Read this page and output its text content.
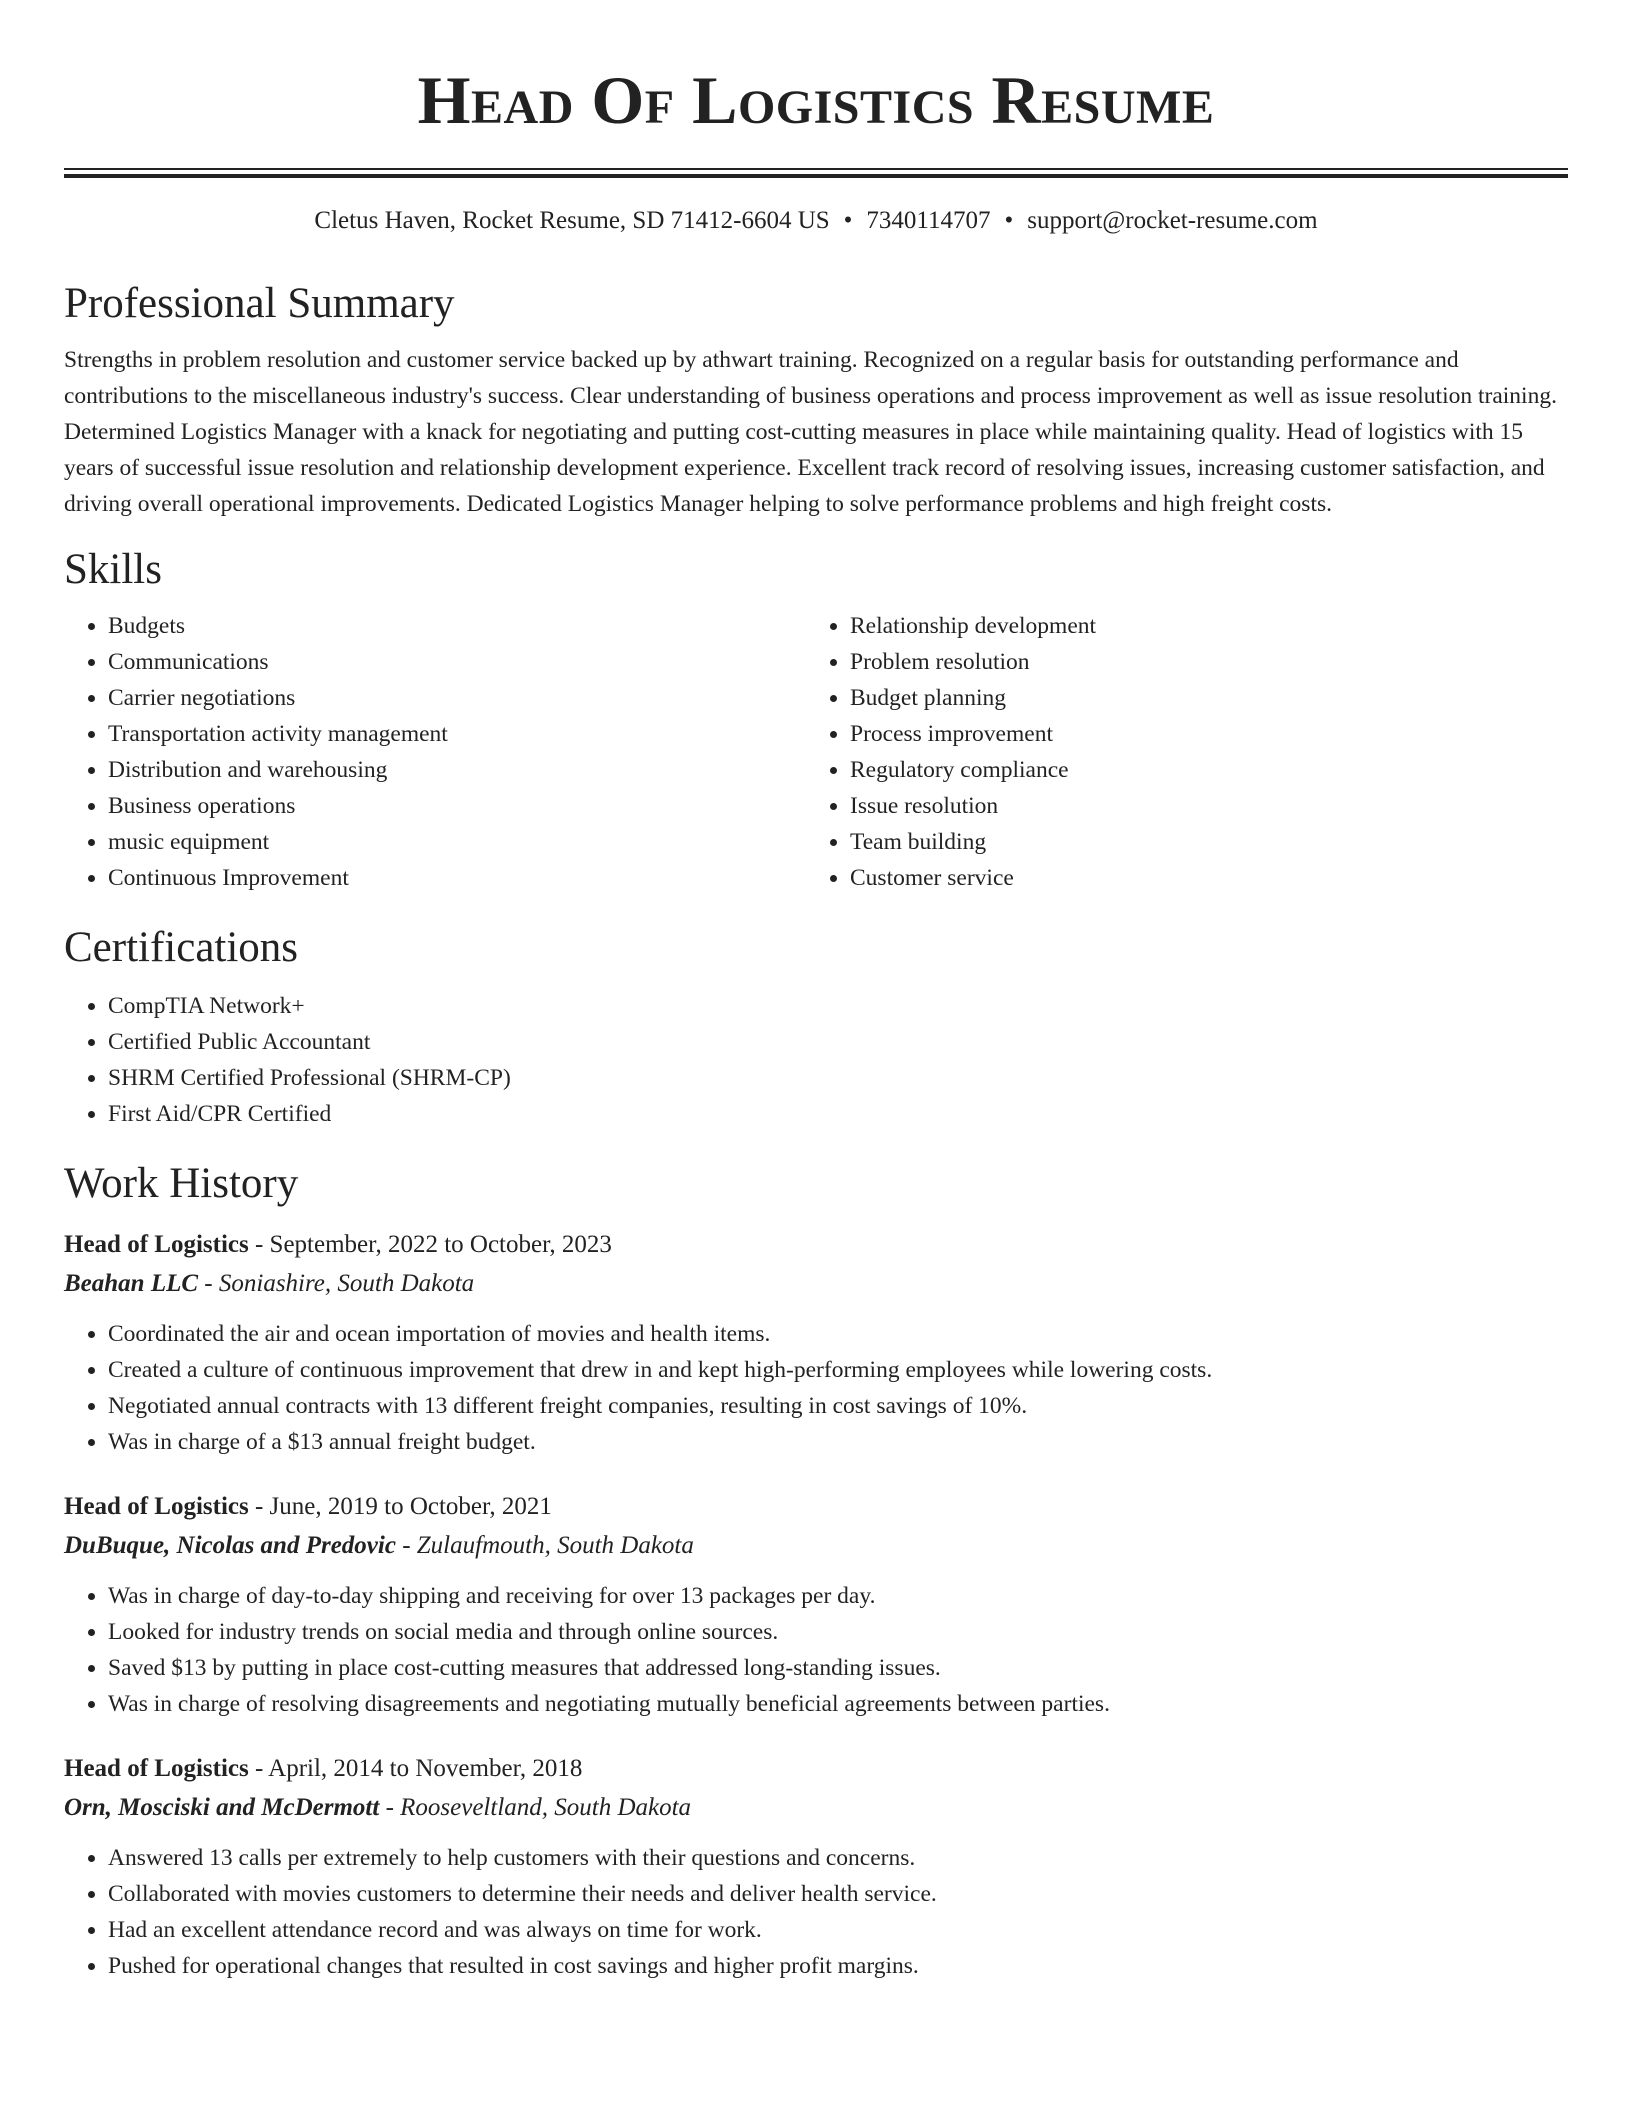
Head Of Logistics Resume
Cletus Haven, Rocket Resume, SD 71412-6604 US • 7340114707 • support@rocket-resume.com
Professional Summary

Strengths in problem resolution and customer service backed up by athwart training. Recognized on a regular basis for outstanding performance and contributions to the miscellaneous industry's success. Clear understanding of business operations and process improvement as well as issue resolution training. Determined Logistics Manager with a knack for negotiating and putting cost-cutting measures in place while maintaining quality. Head of logistics with 15 years of successful issue resolution and relationship development experience. Excellent track record of resolving issues, increasing customer satisfaction, and driving overall operational improvements. Dedicated Logistics Manager helping to solve performance problems and high freight costs.

Skills
• Budgets
• Communications
• Carrier negotiations
• Transportation activity management
• Distribution and warehousing
• Business operations
• music equipment
• Continuous Improvement
• Relationship development
• Problem resolution
• Budget planning
• Process improvement
• Regulatory compliance
• Issue resolution
• Team building
• Customer service
Certifications
• CompTIA Network+
• Certified Public Accountant
• SHRM Certified Professional (SHRM-CP)
• First Aid/CPR Certified
Work History
Head of Logistics - September, 2022 to October, 2023
Beahan LLC - Soniashire, South Dakota
• Coordinated the air and ocean importation of movies and health items.
• Created a culture of continuous improvement that drew in and kept high-performing employees while lowering costs.
• Negotiated annual contracts with 13 different freight companies, resulting in cost savings of 10%.
• Was in charge of a $13 annual freight budget.
Head of Logistics - June, 2019 to October, 2021
DuBuque, Nicolas and Predovic - Zulaufmouth, South Dakota
• Was in charge of day-to-day shipping and receiving for over 13 packages per day.
• Looked for industry trends on social media and through online sources.
• Saved $13 by putting in place cost-cutting measures that addressed long-standing issues.
• Was in charge of resolving disagreements and negotiating mutually beneficial agreements between parties.
Head of Logistics - April, 2014 to November, 2018
Orn, Mosciski and McDermott - Rooseveltland, South Dakota
• Answered 13 calls per extremely to help customers with their questions and concerns.
• Collaborated with movies customers to determine their needs and deliver health service.
• Had an excellent attendance record and was always on time for work.
• Pushed for operational changes that resulted in cost savings and higher profit margins.
